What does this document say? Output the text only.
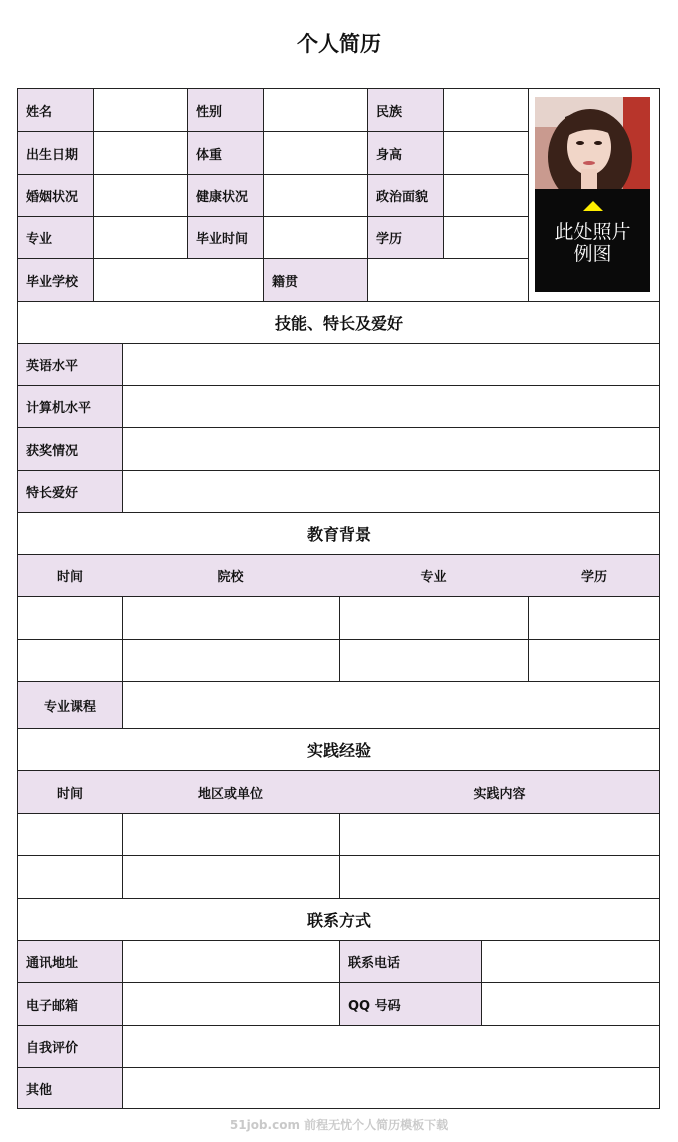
个人简历
姓名	性别	民族
出生日期	体重	身高
婚姻状况	健康状况	政治面貌
专业	毕业时间	学历
毕业学校	籍贯
此处照片
例图
技能、特长及爱好
英语水平
计算机水平
获奖情况
特长爱好
教育背景
时间	院校	专业	学历
专业课程
实践经验
时间	地区或单位	实践内容
联系方式
通讯地址	联系电话
电子邮箱	QQ 号码
自我评价
其他
51job.com 前程无忧个人简历模板下载
